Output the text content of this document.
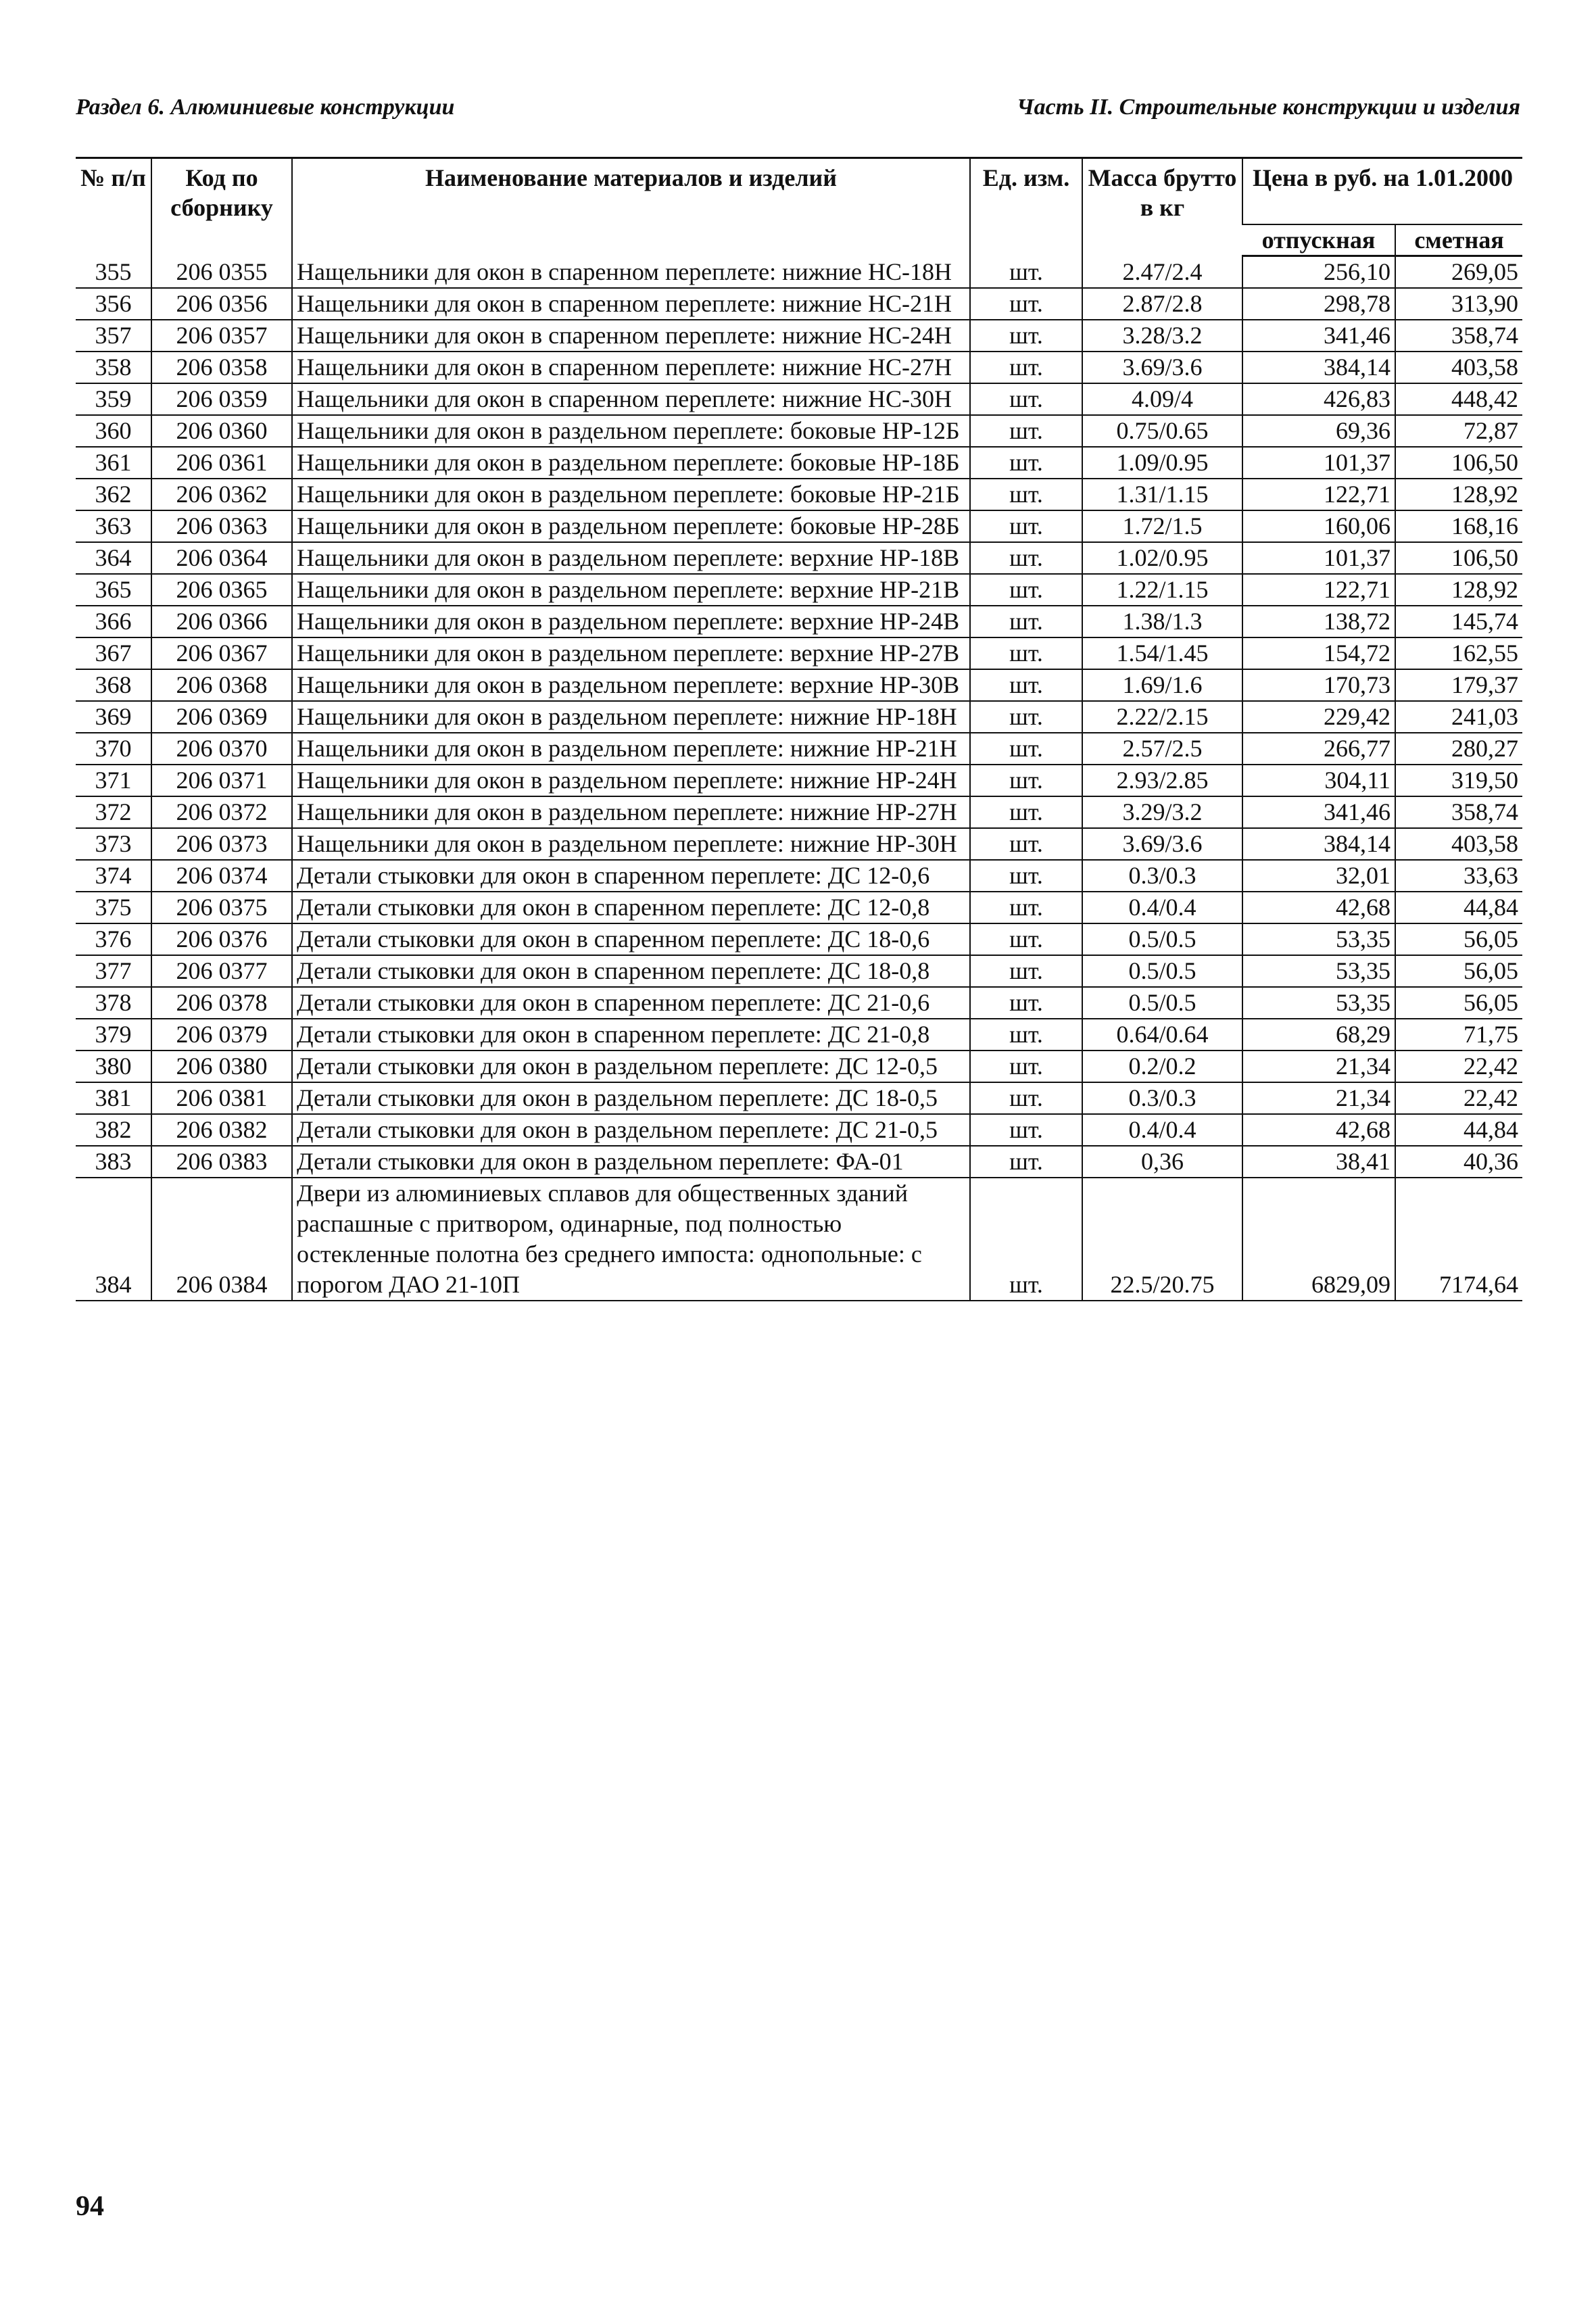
Раздел 6. Алюминиевые конструкции	Часть II. Строительные конструкции и изделия
№ п/п	Код по сборнику	Наименование материалов и изделий	Ед. изм.	Масса брутто в кг	Цена в руб. на 1.01.2000	
					отпускная	сметная
355	206 0355	Нащельники для окон в спаренном переплете: нижние НС-18Н	шт.	2.47/2.4	256,10	269,05
356	206 0356	Нащельники для окон в спаренном переплете: нижние НС-21Н	шт.	2.87/2.8	298,78	313,90
357	206 0357	Нащельники для окон в спаренном переплете: нижние НС-24Н	шт.	3.28/3.2	341,46	358,74
358	206 0358	Нащельники для окон в спаренном переплете: нижние НС-27Н	шт.	3.69/3.6	384,14	403,58
359	206 0359	Нащельники для окон в спаренном переплете: нижние НС-30Н	шт.	4.09/4	426,83	448,42
360	206 0360	Нащельники для окон в раздельном переплете: боковые НР-12Б	шт.	0.75/0.65	69,36	72,87
361	206 0361	Нащельники для окон в раздельном переплете: боковые НР-18Б	шт.	1.09/0.95	101,37	106,50
362	206 0362	Нащельники для окон в раздельном переплете: боковые НР-21Б	шт.	1.31/1.15	122,71	128,92
363	206 0363	Нащельники для окон в раздельном переплете: боковые НР-28Б	шт.	1.72/1.5	160,06	168,16
364	206 0364	Нащельники для окон в раздельном переплете: верхние НР-18В	шт.	1.02/0.95	101,37	106,50
365	206 0365	Нащельники для окон в раздельном переплете: верхние НР-21В	шт.	1.22/1.15	122,71	128,92
366	206 0366	Нащельники для окон в раздельном переплете: верхние НР-24В	шт.	1.38/1.3	138,72	145,74
367	206 0367	Нащельники для окон в раздельном переплете: верхние НР-27В	шт.	1.54/1.45	154,72	162,55
368	206 0368	Нащельники для окон в раздельном переплете: верхние НР-30В	шт.	1.69/1.6	170,73	179,37
369	206 0369	Нащельники для окон в раздельном переплете: нижние НР-18Н	шт.	2.22/2.15	229,42	241,03
370	206 0370	Нащельники для окон в раздельном переплете: нижние НР-21Н	шт.	2.57/2.5	266,77	280,27
371	206 0371	Нащельники для окон в раздельном переплете: нижние НР-24Н	шт.	2.93/2.85	304,11	319,50
372	206 0372	Нащельники для окон в раздельном переплете: нижние НР-27Н	шт.	3.29/3.2	341,46	358,74
373	206 0373	Нащельники для окон в раздельном переплете: нижние НР-30Н	шт.	3.69/3.6	384,14	403,58
374	206 0374	Детали стыковки для окон в спаренном переплете: ДС 12-0,6	шт.	0.3/0.3	32,01	33,63
375	206 0375	Детали стыковки для окон в спаренном переплете: ДС 12-0,8	шт.	0.4/0.4	42,68	44,84
376	206 0376	Детали стыковки для окон в спаренном переплете: ДС 18-0,6	шт.	0.5/0.5	53,35	56,05
377	206 0377	Детали стыковки для окон в спаренном переплете: ДС 18-0,8	шт.	0.5/0.5	53,35	56,05
378	206 0378	Детали стыковки для окон в спаренном переплете: ДС 21-0,6	шт.	0.5/0.5	53,35	56,05
379	206 0379	Детали стыковки для окон в спаренном переплете: ДС 21-0,8	шт.	0.64/0.64	68,29	71,75
380	206 0380	Детали стыковки для окон в раздельном переплете: ДС 12-0,5	шт.	0.2/0.2	21,34	22,42
381	206 0381	Детали стыковки для окон в раздельном переплете: ДС 18-0,5	шт.	0.3/0.3	21,34	22,42
382	206 0382	Детали стыковки для окон в раздельном переплете: ДС 21-0,5	шт.	0.4/0.4	42,68	44,84
383	206 0383	Детали стыковки для окон в раздельном переплете: ФА-01	шт.	0,36	38,41	40,36
384	206 0384	Двери из алюминиевых сплавов для общественных зданий распашные с притвором, одинарные, под полностью остекленные полотна без среднего импоста: однопольные: с порогом ДАО 21-10П	шт.	22.5/20.75	6829,09	7174,64
94
